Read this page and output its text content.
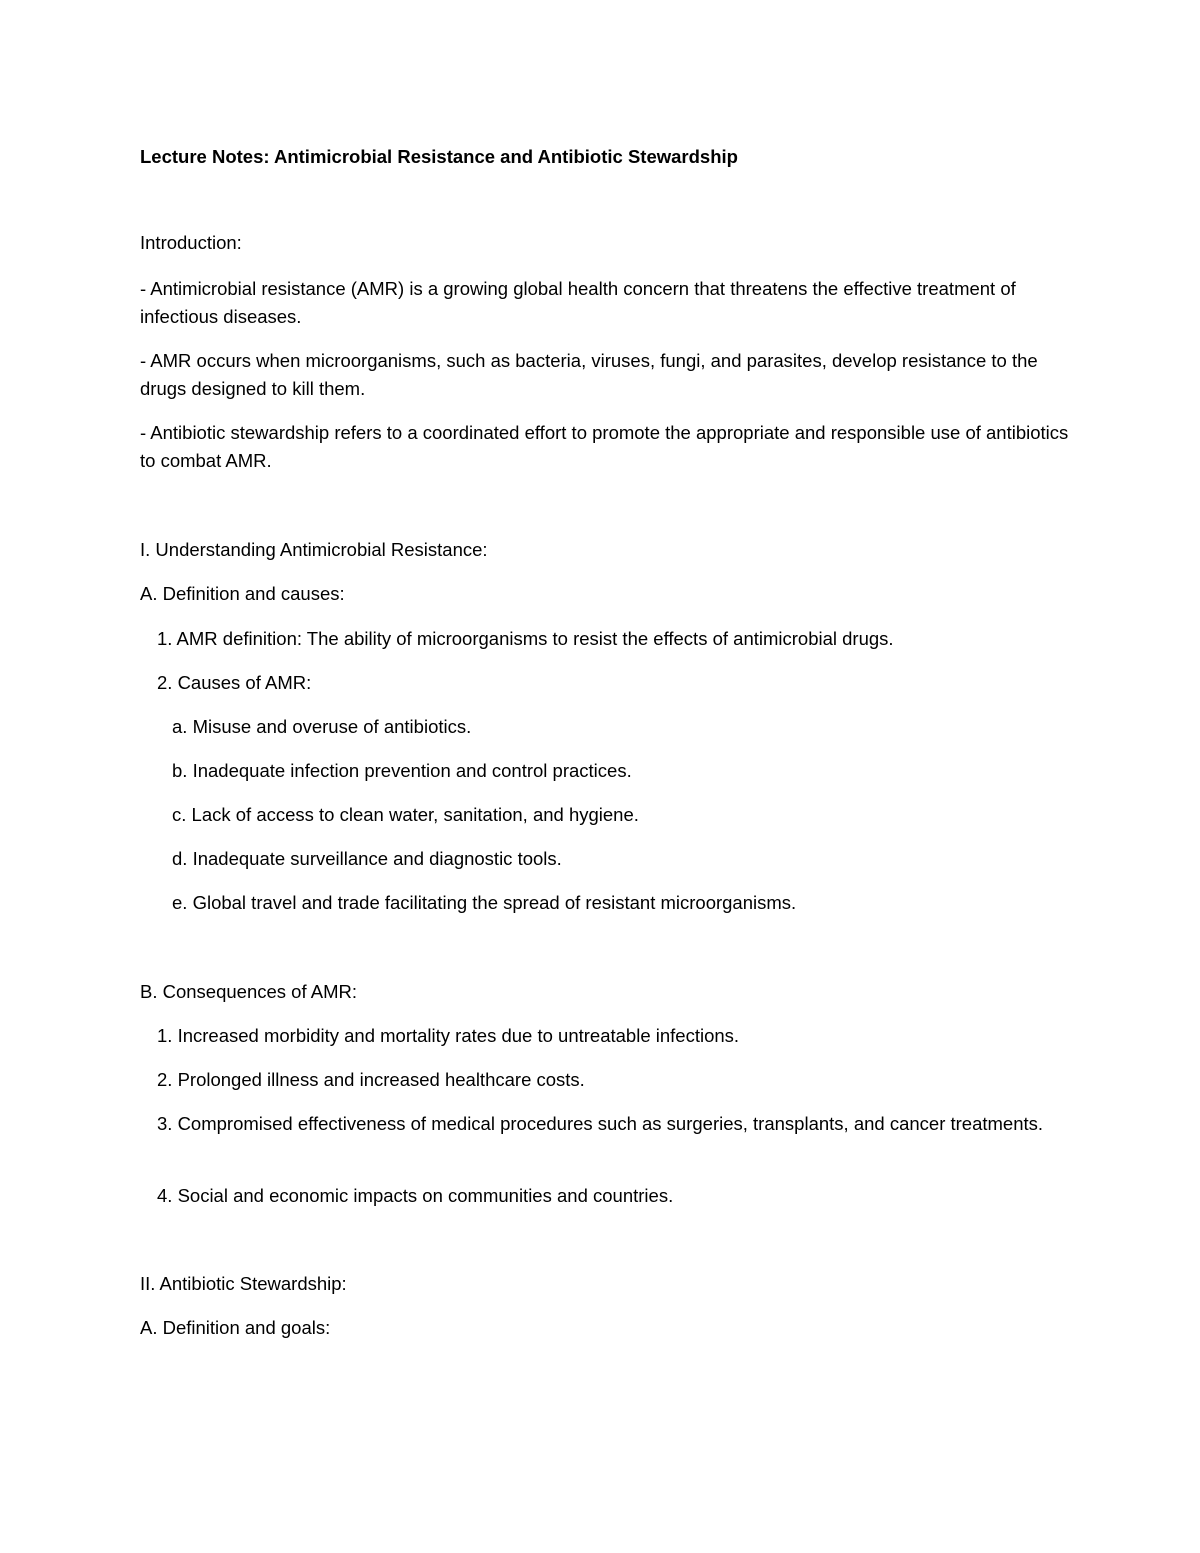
Lecture Notes: Antimicrobial Resistance and Antibiotic Stewardship
Introduction:
- Antimicrobial resistance (AMR) is a growing global health concern that threatens the effective treatment of infectious diseases.
- AMR occurs when microorganisms, such as bacteria, viruses, fungi, and parasites, develop resistance to the drugs designed to kill them.
- Antibiotic stewardship refers to a coordinated effort to promote the appropriate and responsible use of antibiotics to combat AMR.
I. Understanding Antimicrobial Resistance:
A. Definition and causes:
1. AMR definition: The ability of microorganisms to resist the effects of antimicrobial drugs.
2. Causes of AMR:
a. Misuse and overuse of antibiotics.
b. Inadequate infection prevention and control practices.
c. Lack of access to clean water, sanitation, and hygiene.
d. Inadequate surveillance and diagnostic tools.
e. Global travel and trade facilitating the spread of resistant microorganisms.
B. Consequences of AMR:
1. Increased morbidity and mortality rates due to untreatable infections.
2. Prolonged illness and increased healthcare costs.
3. Compromised effectiveness of medical procedures such as surgeries, transplants, and cancer treatments.
4. Social and economic impacts on communities and countries.
II. Antibiotic Stewardship:
A. Definition and goals:
